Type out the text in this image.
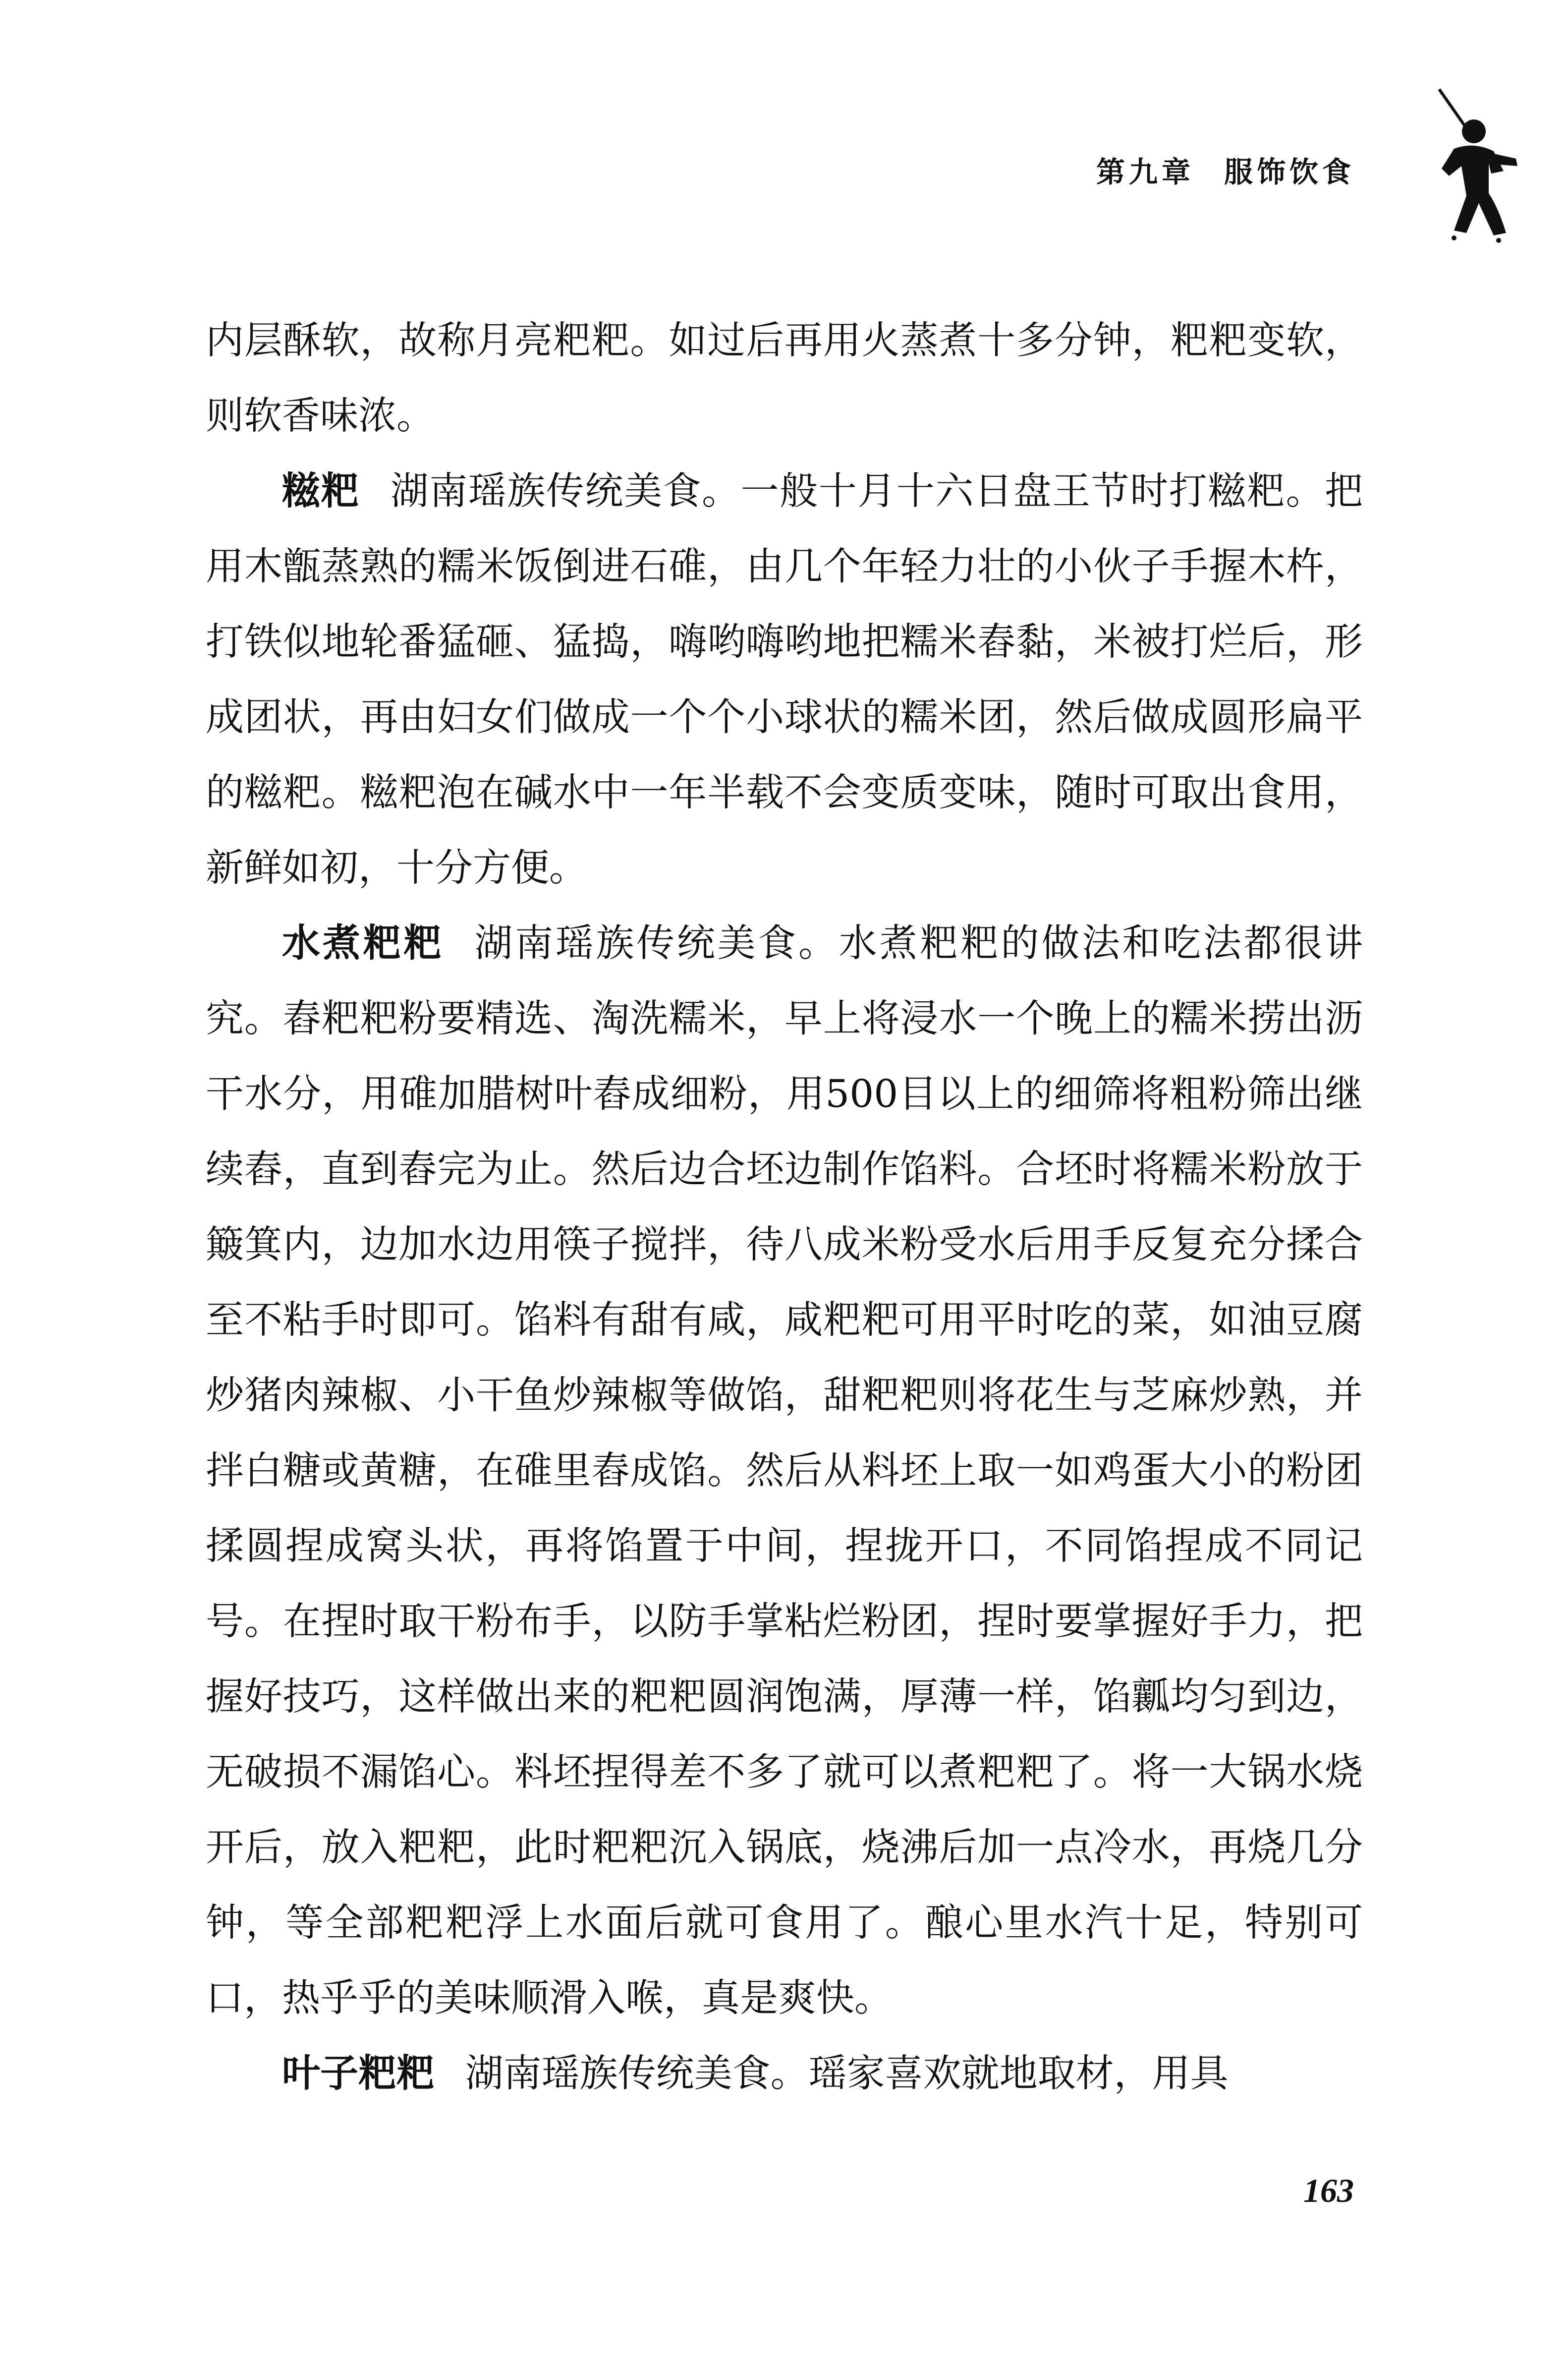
第九章 服饰饮食

内层酥软，故称月亮粑粑。如过后再用火蒸煮十多分钟，粑粑变软，则软香味浓。

糍粑 湖南瑶族传统美食。一般十月十六日盘王节时打糍粑。把用木甑蒸熟的糯米饭倒进石碓，由几个年轻力壮的小伙子手握木杵，打铁似地轮番猛砸、猛捣，嗨哟嗨哟地把糯米舂黏，米被打烂后，形成团状，再由妇女们做成一个个小球状的糯米团，然后做成圆形扁平的糍粑。糍粑泡在碱水中一年半载不会变质变味，随时可取出食用，新鲜如初，十分方便。

水煮粑粑 湖南瑶族传统美食。水煮粑粑的做法和吃法都很讲究。舂粑粑粉要精选、淘洗糯米，早上将浸水一个晚上的糯米捞出沥干水分，用碓加腊树叶舂成细粉，用500目以上的细筛将粗粉筛出继续舂，直到舂完为止。然后边合坯边制作馅料。合坯时将糯米粉放于簸箕内，边加水边用筷子搅拌，待八成米粉受水后用手反复充分揉合至不粘手时即可。馅料有甜有咸，咸粑粑可用平时吃的菜，如油豆腐炒猪肉辣椒、小干鱼炒辣椒等做馅，甜粑粑则将花生与芝麻炒熟，并拌白糖或黄糖，在碓里舂成馅。然后从料坯上取一如鸡蛋大小的粉团揉圆捏成窝头状，再将馅置于中间，捏拢开口，不同馅捏成不同记号。在捏时取干粉布手，以防手掌粘烂粉团，捏时要掌握好手力，把握好技巧，这样做出来的粑粑圆润饱满，厚薄一样，馅瓤均匀到边，无破损不漏馅心。料坯捏得差不多了就可以煮粑粑了。将一大锅水烧开后，放入粑粑，此时粑粑沉入锅底，烧沸后加一点冷水，再烧几分钟，等全部粑粑浮上水面后就可食用了。酿心里水汽十足，特别可口，热乎乎的美味顺滑入喉，真是爽快。

叶子粑粑 湖南瑶族传统美食。瑶家喜欢就地取材，用具

163
